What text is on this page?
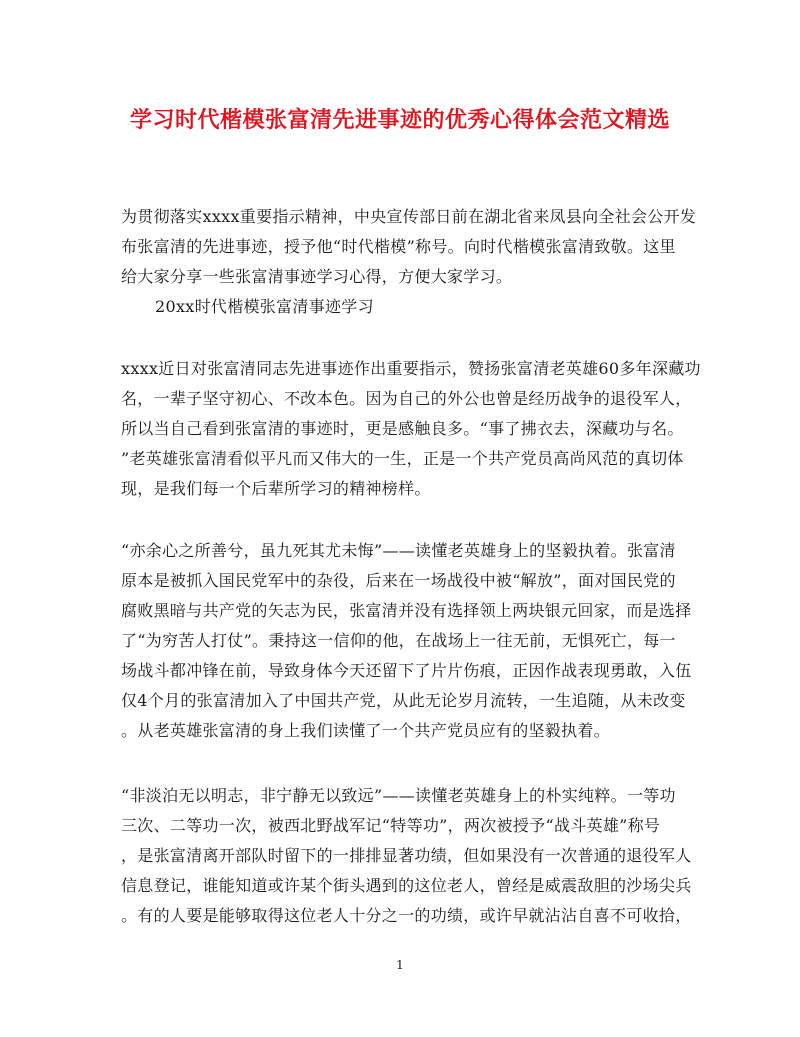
学习时代楷模张富清先进事迹的优秀心得体会范文精选
为贯彻落实xxxx重要指示精神，中央宣传部日前在湖北省来凤县向全社会公开发
布张富清的先进事迹，授予他“时代楷模”称号。向时代楷模张富清致敬。这里
给大家分享一些张富清事迹学习心得，方便大家学习。
20xx时代楷模张富清事迹学习
xxxx近日对张富清同志先进事迹作出重要指示，赞扬张富清老英雄60多年深藏功
名，一辈子坚守初心、不改本色。因为自己的外公也曾是经历战争的退役军人，
所以当自己看到张富清的事迹时，更是感触良多。“事了拂衣去，深藏功与名。
”老英雄张富清看似平凡而又伟大的一生，正是一个共产党员高尚风范的真切体
现，是我们每一个后辈所学习的精神榜样。
“亦余心之所善兮，虽九死其尤未悔”——读懂老英雄身上的坚毅执着。张富清
原本是被抓入国民党军中的杂役，后来在一场战役中被“解放”，面对国民党的
腐败黑暗与共产党的矢志为民，张富清并没有选择领上两块银元回家，而是选择
了“为穷苦人打仗”。秉持这一信仰的他，在战场上一往无前，无惧死亡，每一
场战斗都冲锋在前，导致身体今天还留下了片片伤痕，正因作战表现勇敢，入伍
仅4个月的张富清加入了中国共产党，从此无论岁月流转，一生追随，从未改变
。从老英雄张富清的身上我们读懂了一个共产党员应有的坚毅执着。
“非淡泊无以明志，非宁静无以致远”——读懂老英雄身上的朴实纯粹。一等功
三次、二等功一次，被西北野战军记“特等功”，两次被授予“战斗英雄”称号
，是张富清离开部队时留下的一排排显著功绩，但如果没有一次普通的退役军人
信息登记，谁能知道或许某个街头遇到的这位老人，曾经是威震敌胆的沙场尖兵
。有的人要是能够取得这位老人十分之一的功绩，或许早就沾沾自喜不可收拾，
1
